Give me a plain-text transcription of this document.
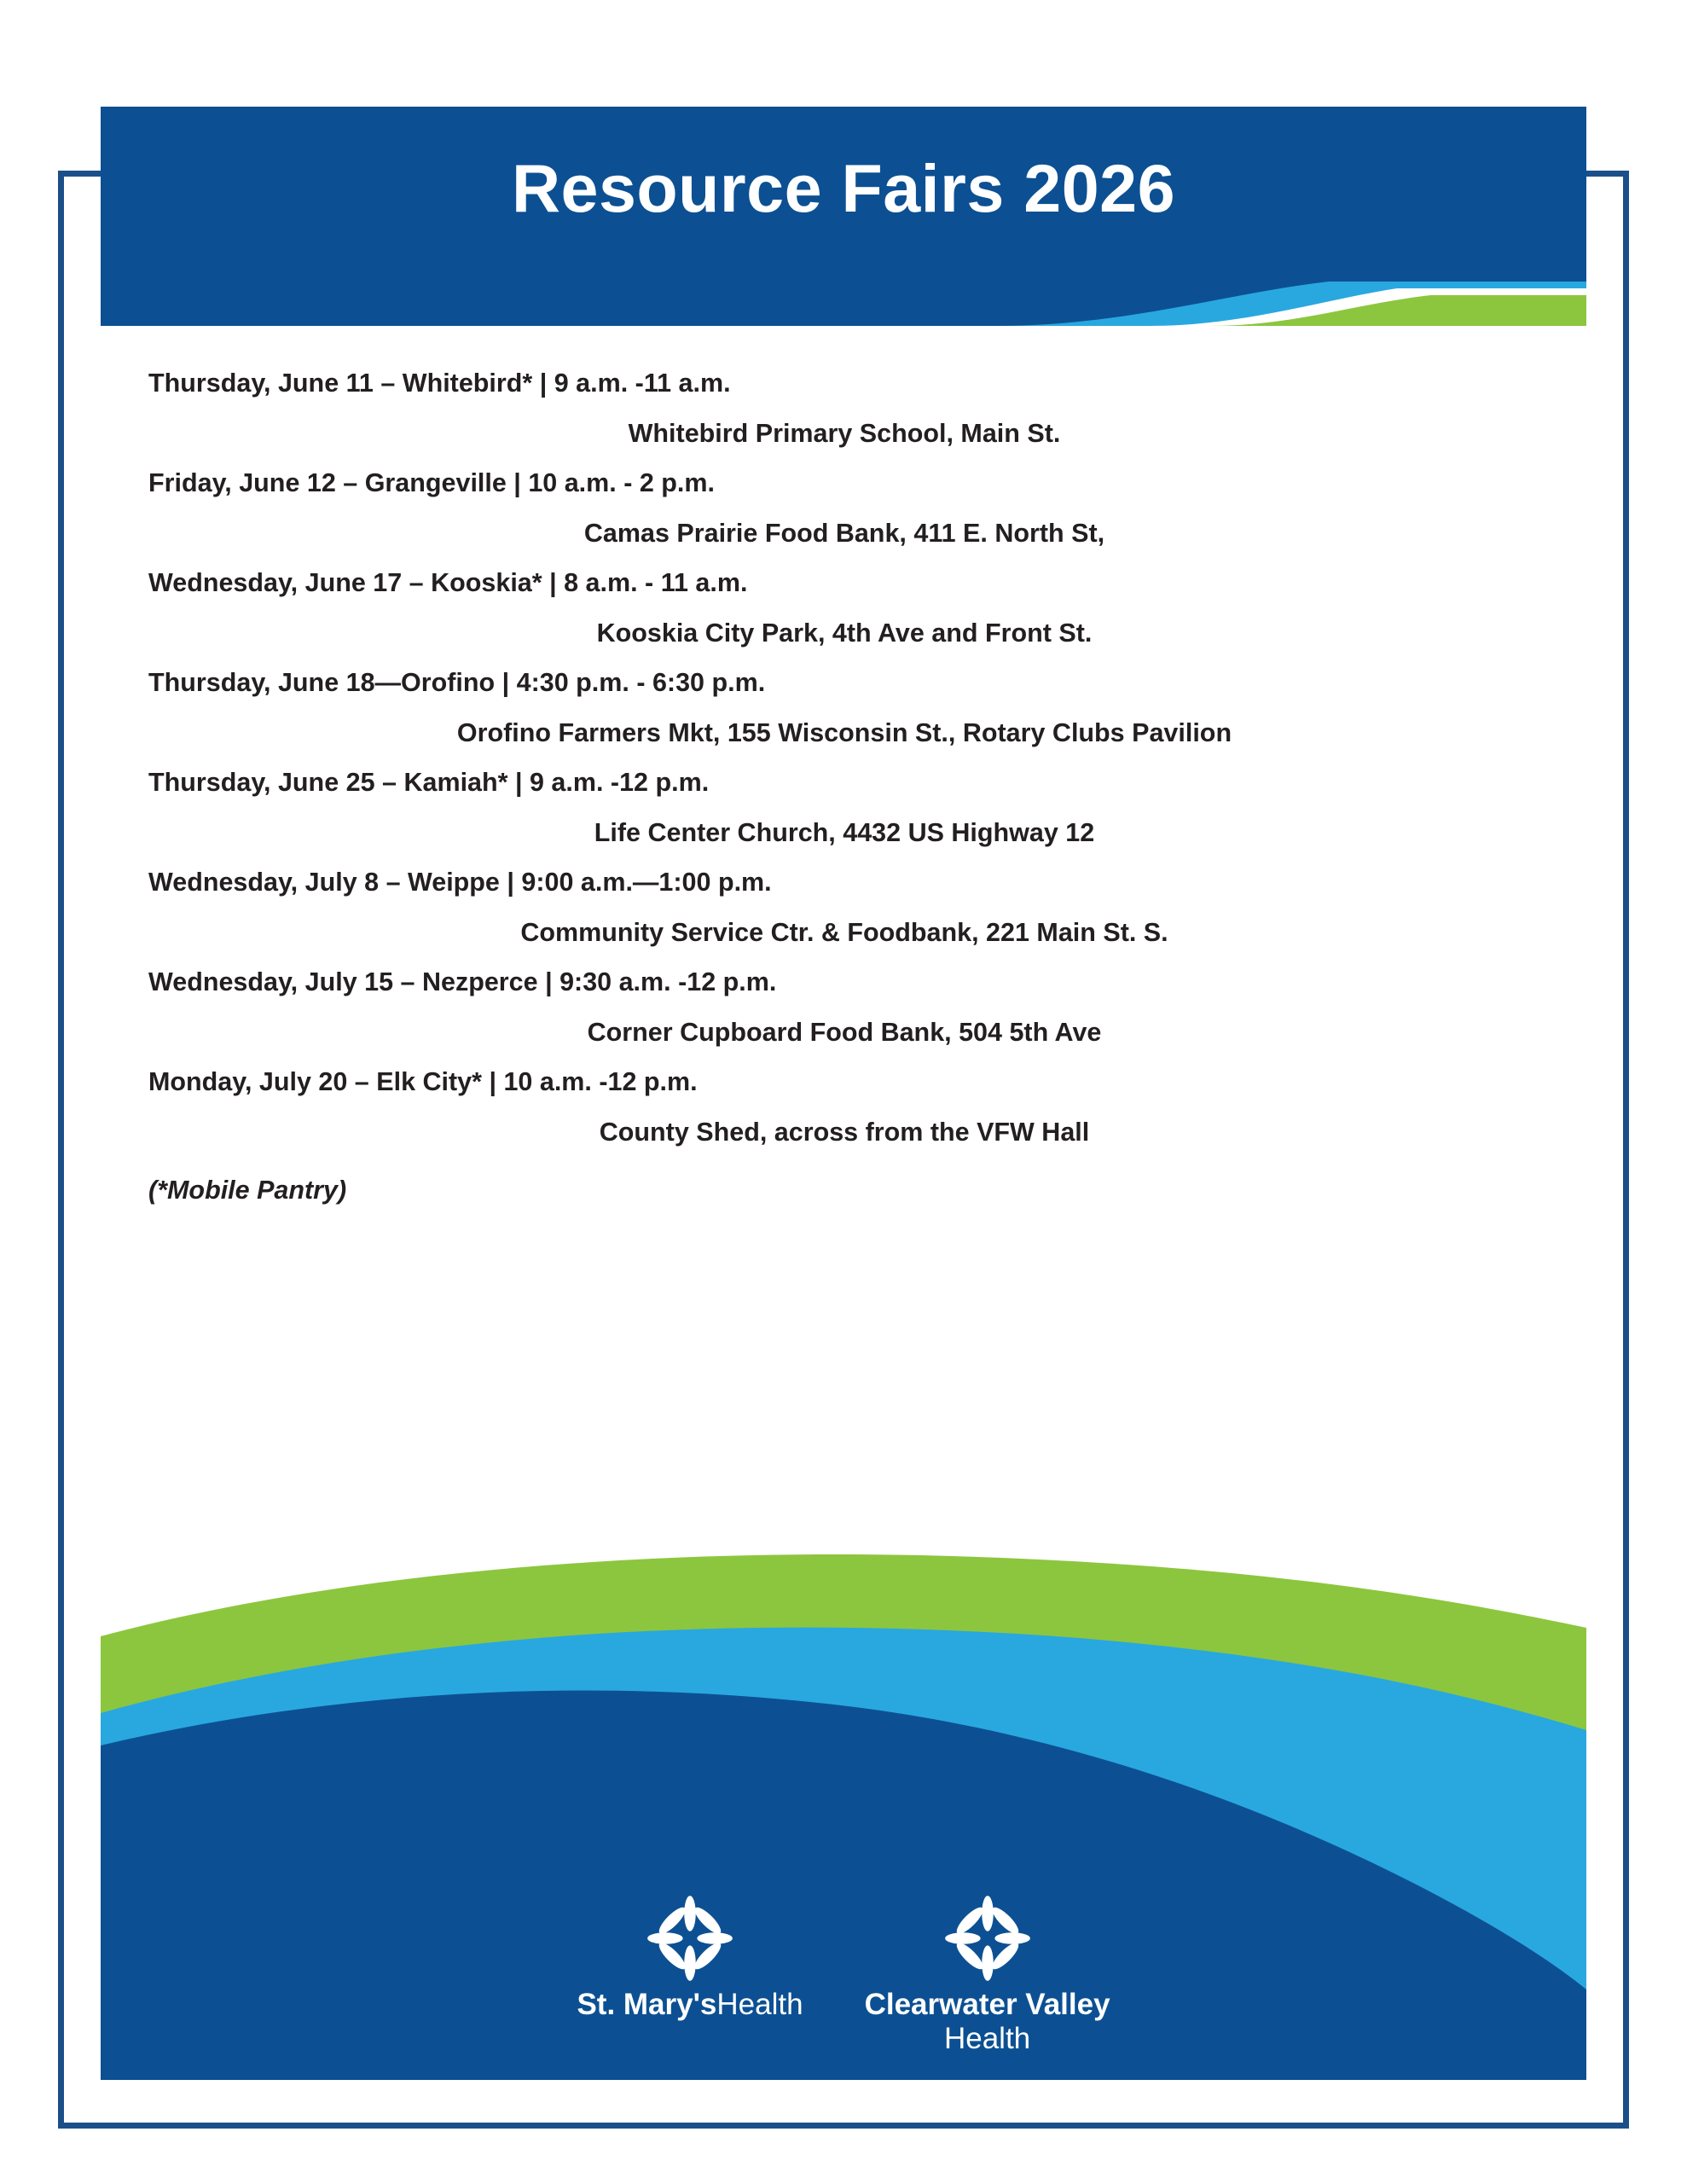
Resource Fairs 2026
Thursday, June 11 – Whitebird* | 9 a.m. -11 a.m.
Whitebird Primary School, Main St.
Friday, June 12 – Grangeville | 10 a.m. - 2 p.m.
Camas Prairie Food Bank, 411 E. North St,
Wednesday, June 17 – Kooskia* | 8 a.m. - 11 a.m.
Kooskia City Park, 4th Ave and Front St.
Thursday, June 18—Orofino | 4:30 p.m. - 6:30 p.m.
Orofino Farmers Mkt, 155 Wisconsin St., Rotary Clubs Pavilion
Thursday, June 25 – Kamiah* | 9 a.m. -12 p.m.
Life Center Church, 4432 US Highway 12
Wednesday, July 8 – Weippe | 9:00 a.m.—1:00 p.m.
Community Service Ctr. & Foodbank, 221 Main St. S.
Wednesday, July 15 – Nezperce | 9:30 a.m. -12 p.m.
Corner Cupboard Food Bank, 504 5th Ave
Monday, July 20 – Elk City* | 10 a.m. -12 p.m.
County Shed, across from the VFW Hall
(*Mobile Pantry)
St. Mary'sHealth Clearwater Valley
Health
